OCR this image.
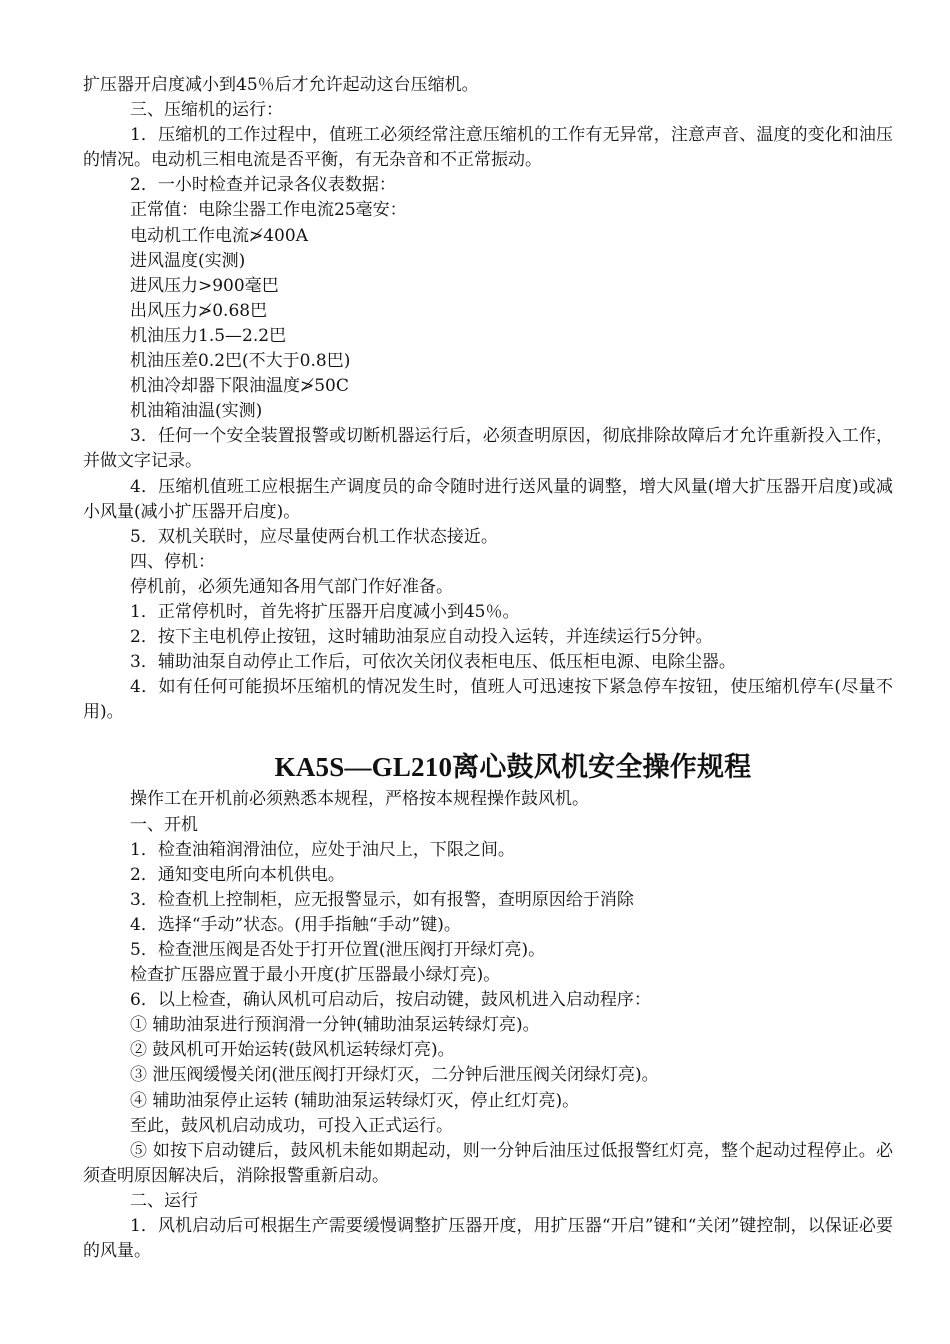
扩压器开启度减小到45％后才允许起动这台压缩机。

三、压缩机的运行：

1．压缩机的工作过程中，值班工必须经常注意压缩机的工作有无异常，注意声音、温度的变化和油压的情况。电动机三相电流是否平衡，有无杂音和不正常振动。

2．一小时检查并记录各仪表数据：

正常值：电除尘器工作电流25毫安：

电动机工作电流≯400A

进风温度(实测)

进风压力>900毫巴

出风压力≯0.68巴

机油压力1.5—2.2巴

机油压差0.2巴(不大于0.8巴)

机油冷却器下限油温度≯50C

机油箱油温(实测)

3．任何一个安全装置报警或切断机器运行后，必须查明原因，彻底排除故障后才允许重新投入工作，并做文字记录。

4．压缩机值班工应根据生产调度员的命令随时进行送风量的调整，增大风量(增大扩压器开启度)或减小风量(减小扩压器开启度)。

5．双机关联时，应尽量使两台机工作状态接近。

四、停机：

停机前，必须先通知各用气部门作好准备。

1．正常停机时，首先将扩压器开启度减小到45％。

2．按下主电机停止按钮，这时辅助油泵应自动投入运转，并连续运行5分钟。

3．辅助油泵自动停止工作后，可依次关闭仪表柜电压、低压柜电源、电除尘器。

4．如有任何可能损坏压缩机的情况发生时，值班人可迅速按下紧急停车按钮，使压缩机停车(尽量不用)。

KA5S—GL210离心鼓风机安全操作规程

操作工在开机前必须熟悉本规程，严格按本规程操作鼓风机。

一、开机

1．检查油箱润滑油位，应处于油尺上，下限之间。

2．通知变电所向本机供电。

3．检查机上控制柜，应无报警显示，如有报警，查明原因给于消除

4．选择“手动”状态。(用手指触“手动”键)。

5．检查泄压阀是否处于打开位置(泄压阀打开绿灯亮)。

检查扩压器应置于最小开度(扩压器最小绿灯亮)。

6．以上检查，确认风机可启动后，按启动键，鼓风机进入启动程序：

① 辅助油泵进行预润滑一分钟(辅助油泵运转绿灯亮)。

② 鼓风机可开始运转(鼓风机运转绿灯亮)。

③ 泄压阀缓慢关闭(泄压阀打开绿灯灭，二分钟后泄压阀关闭绿灯亮)。

④ 辅助油泵停止运转 (辅助油泵运转绿灯灭，停止红灯亮)。

至此，鼓风机启动成功，可投入正式运行。

⑤ 如按下启动键后，鼓风机未能如期起动，则一分钟后油压过低报警红灯亮，整个起动过程停止。必须查明原因解决后，消除报警重新启动。

二、运行

1．风机启动后可根据生产需要缓慢调整扩压器开度，用扩压器“开启”键和“关闭”键控制，以保证必要的风量。
